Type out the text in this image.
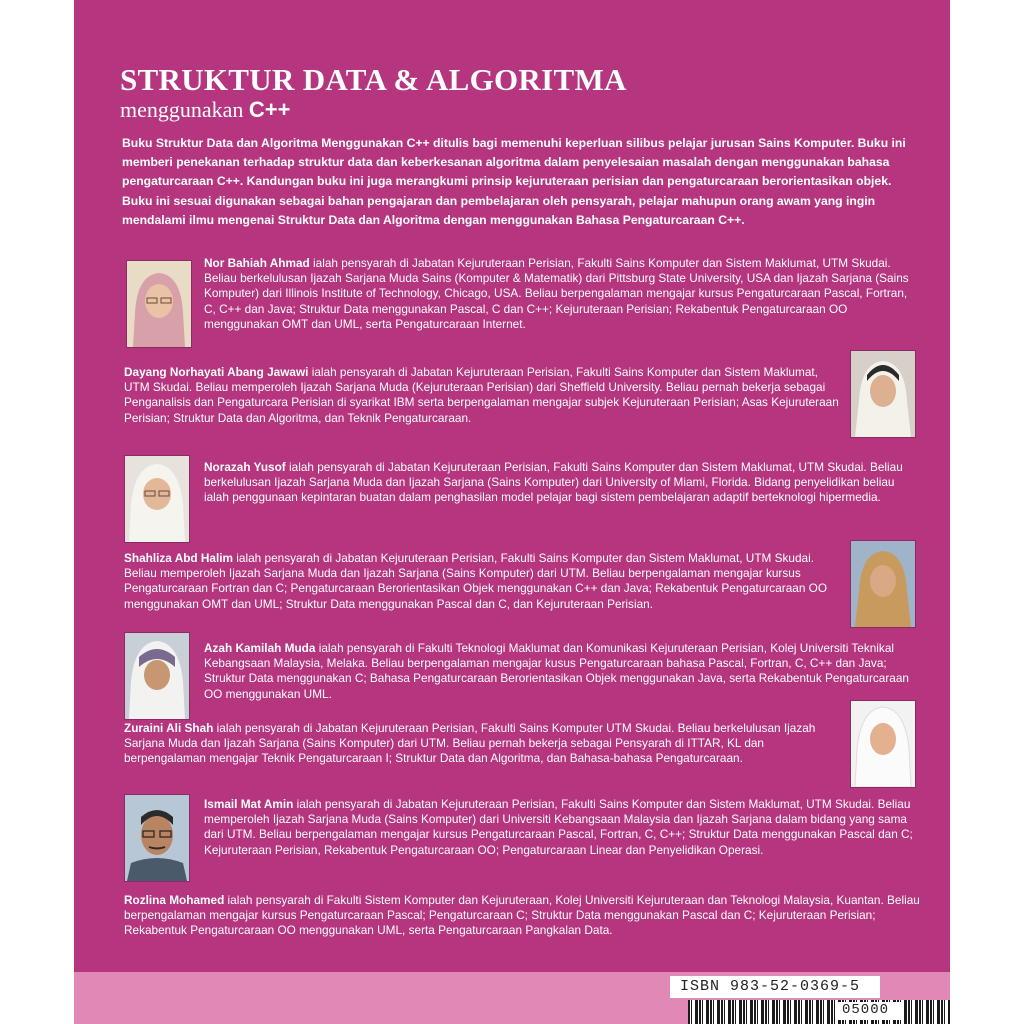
STRUKTUR DATA & ALGORITMA

menggunakan C++

Buku Struktur Data dan Algoritma Menggunakan C++ ditulis bagi memenuhi keperluan silibus pelajar jurusan Sains Komputer. Buku ini memberi penekanan terhadap struktur data dan keberkesanan algoritma dalam penyelesaian masalah dengan menggunakan bahasa pengaturcaraan C++. Kandungan buku ini juga merangkumi prinsip kejuruteraan perisian dan pengaturcaraan berorientasikan objek. Buku ini sesuai digunakan sebagai bahan pengajaran dan pembelajaran oleh pensyarah, pelajar mahupun orang awam yang ingin mendalami ilmu mengenai Struktur Data dan Algoritma dengan menggunakan Bahasa Pengaturcaraan C++.

Nor Bahiah Ahmad ialah pensyarah di Jabatan Kejuruteraan Perisian, Fakulti Sains Komputer dan Sistem Maklumat, UTM Skudai. Beliau berkelulusan Ijazah Sarjana Muda Sains (Komputer & Matematik) dari Pittsburg State University, USA dan Ijazah Sarjana (Sains Komputer) dari Illinois Institute of Technology, Chicago, USA. Beliau berpengalaman mengajar kursus Pengaturcaraan Pascal, Fortran, C, C++ dan Java; Struktur Data menggunakan Pascal, C dan C++; Kejuruteraan Perisian; Rekabentuk Pengaturcaraan OO menggunakan OMT dan UML, serta Pengaturcaraan Internet.

Dayang Norhayati Abang Jawawi ialah pensyarah di Jabatan Kejuruteraan Perisian, Fakulti Sains Komputer dan Sistem Maklumat, UTM Skudai. Beliau memperoleh Ijazah Sarjana Muda (Kejuruteraan Perisian) dari Sheffield University. Beliau pernah bekerja sebagai Penganalisis dan Pengaturcara Perisian di syarikat IBM serta berpengalaman mengajar subjek Kejuruteraan Perisian; Asas Kejuruteraan Perisian; Struktur Data dan Algoritma, dan Teknik Pengaturcaraan.

Norazah Yusof ialah pensyarah di Jabatan Kejuruteraan Perisian, Fakulti Sains Komputer dan Sistem Maklumat, UTM Skudai. Beliau berkelulusan Ijazah Sarjana Muda dan Ijazah Sarjana (Sains Komputer) dari University of Miami, Florida. Bidang penyelidikan beliau ialah penggunaan kepintaran buatan dalam penghasilan model pelajar bagi sistem pembelajaran adaptif berteknologi hipermedia.

Shahliza Abd Halim ialah pensyarah di Jabatan Kejuruteraan Perisian, Fakulti Sains Komputer dan Sistem Maklumat, UTM Skudai. Beliau memperoleh Ijazah Sarjana Muda dan Ijazah Sarjana (Sains Komputer) dari UTM. Beliau berpengalaman mengajar kursus Pengaturcaraan Fortran dan C; Pengaturcaraan Berorientasikan Objek menggunakan C++ dan Java; Rekabentuk Pengaturcaraan OO menggunakan OMT dan UML; Struktur Data menggunakan Pascal dan C, dan Kejuruteraan Perisian.

Azah Kamilah Muda ialah pensyarah di Fakulti Teknologi Maklumat dan Komunikasi Kejuruteraan Perisian, Kolej Universiti Teknikal Kebangsaan Malaysia, Melaka. Beliau berpengalaman mengajar kusus Pengaturcaraan bahasa Pascal, Fortran, C, C++ dan Java; Struktur Data menggunakan C; Bahasa Pengaturcaraan Berorientasikan Objek menggunakan Java, serta Rekabentuk Pengaturcaraan OO menggunakan UML.

Zuraini Ali Shah ialah pensyarah di Jabatan Kejuruteraan Perisian, Fakulti Sains Komputer UTM Skudai. Beliau berkelulusan Ijazah Sarjana Muda dan Ijazah Sarjana (Sains Komputer) dari UTM. Beliau pernah bekerja sebagai Pensyarah di ITTAR, KL dan berpengalaman mengajar Teknik Pengaturcaraan I; Struktur Data dan Algoritma, dan Bahasa-bahasa Pengaturcaraan.

Ismail Mat Amin ialah pensyarah di Jabatan Kejuruteraan Perisian, Fakulti Sains Komputer dan Sistem Maklumat, UTM Skudai. Beliau memperoleh Ijazah Sarjana Muda (Sains Komputer) dari Universiti Kebangsaan Malaysia dan Ijazah Sarjana dalam bidang yang sama dari UTM. Beliau berpengalaman mengajar kursus Pengaturcaraan Pascal, Fortran, C, C++; Struktur Data menggunakan Pascal dan C; Kejuruteraan Perisian, Rekabentuk Pengaturcaraan OO; Pengaturcaraan Linear dan Penyelidikan Operasi.

Rozlina Mohamed ialah pensyarah di Fakulti Sistem Komputer dan Kejuruteraan, Kolej Universiti Kejuruteraan dan Teknologi Malaysia, Kuantan. Beliau berpengalaman mengajar kursus Pengaturcaraan Pascal; Pengaturcaraan C; Struktur Data menggunakan Pascal dan C; Kejuruteraan Perisian; Rekabentuk Pengaturcaraan OO menggunakan UML, serta Pengaturcaraan Pangkalan Data.

ISBN 983-52-0369-5
05000
